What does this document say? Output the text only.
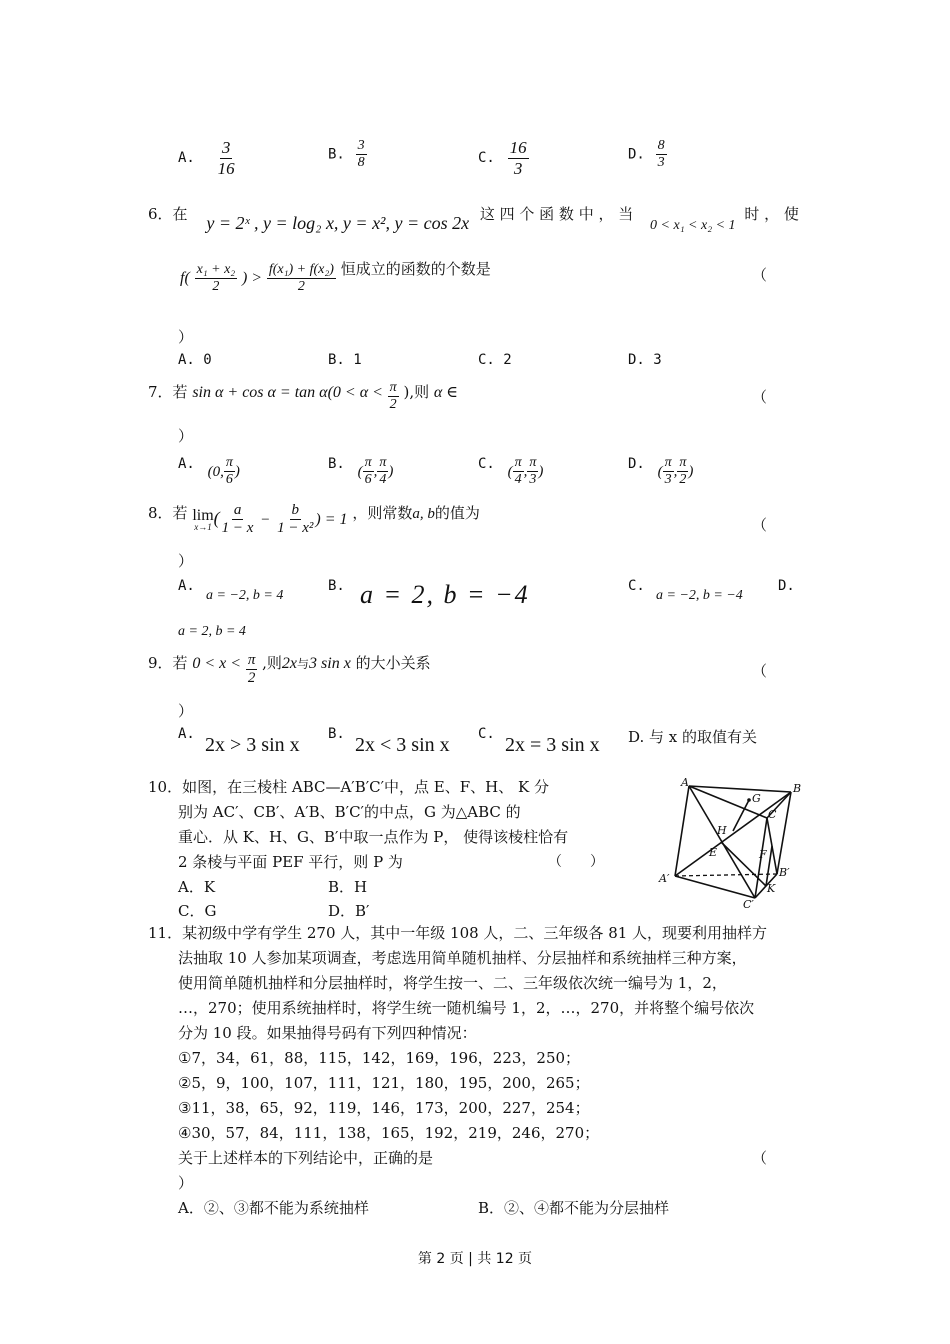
A. $\frac{3}{16}$	B. $\frac{3}{8}$	C. $\frac{16}{3}$	D. $\frac{8}{3}$
6．在 y = 2ˣ , y = log₂ x, y = x², y = cos 2x 这 四 个 函 数 中 ， 当 0 < x₁ < x₂ < 1 时 ， 使
$f( \frac{\text{x₁ + x₂}}{2}$ ) > $\frac{\text{f(x₁) + f(x₂)}}{2}$ 恒成立的函数的个数是	（
）
A. 0	B. 1	C. 2	D. 3
7．若 $\sin \alpha + \cos \alpha = \tan \alpha(0 < \alpha < \frac{\pi}{2}$ ),则 α ∈	（
）
A. (0, $\frac{\pi}{6}$ )	B. ( $\frac{\pi}{6}$ , $\frac{\pi}{4}$ )	C. ( $\frac{\pi}{4}$ , $\frac{\pi}{3}$ )	D. ( $\frac{\pi}{3}$ , $\frac{\pi}{2}$ )
8．若 lim
x→1 ( $\frac{a}{1 - x} - \frac{b}{\text{1 − x²}}$ ) = 1 ，则常数a, b的值为
（
）
A.
a = −2, b = 4
B. a = 2, b = −4	C.
a = −2, b = −4
D.
a = 2, b = 4
9．若 $0 < x < \frac{\pi}{2}$ ,则$2x^与3$ sin x 的大小关系	（
）
A. 2x > 3 sin x B. 2x < 3 sin x C. 2x = 3 sin x D. 与 x 的取值有关
10．如图，在三棱柱 ABC—A′B′C′中，点 E、F、H、 K 分
别为 AC′、CB′、A′B、B′C′的中点，G 为△ABC 的
重心．从 K、H、G、B′中取一点作为 P， 使得该棱柱恰有
2 条棱与平面 PEF 平行，则 P 为	（　　）
A．K	B．H
C．G	D．B′
A	B
G
C
H
E	F
B′
A′
K
C′
11．某初级中学有学生 270 人，其中一年级 108 人，二、三年级各 81 人，现要利用抽样方
法抽取 10 人参加某项调查，考虑选用简单随机抽样、分层抽样和系统抽样三种方案，
使用简单随机抽样和分层抽样时，将学生按一、二、三年级依次统一编号为 1，2，
…，270；使用系统抽样时，将学生统一随机编号 1，2，…，270，并将整个编号依次
分为 10 段。如果抽得号码有下列四种情况：
①7，34，61，88，115，142，169，196，223，250；
②5，9，100，107，111，121，180，195，200，265；
③11，38，65，92，119，146，173，200，227，254；
④30，57，84，111，138，165，192，219，246，270；
关于上述样本的下列结论中，正确的是	（
）
A．②、③都不能为系统抽样	B．②、④都不能为分层抽样
第 2 页 | 共 12 页
